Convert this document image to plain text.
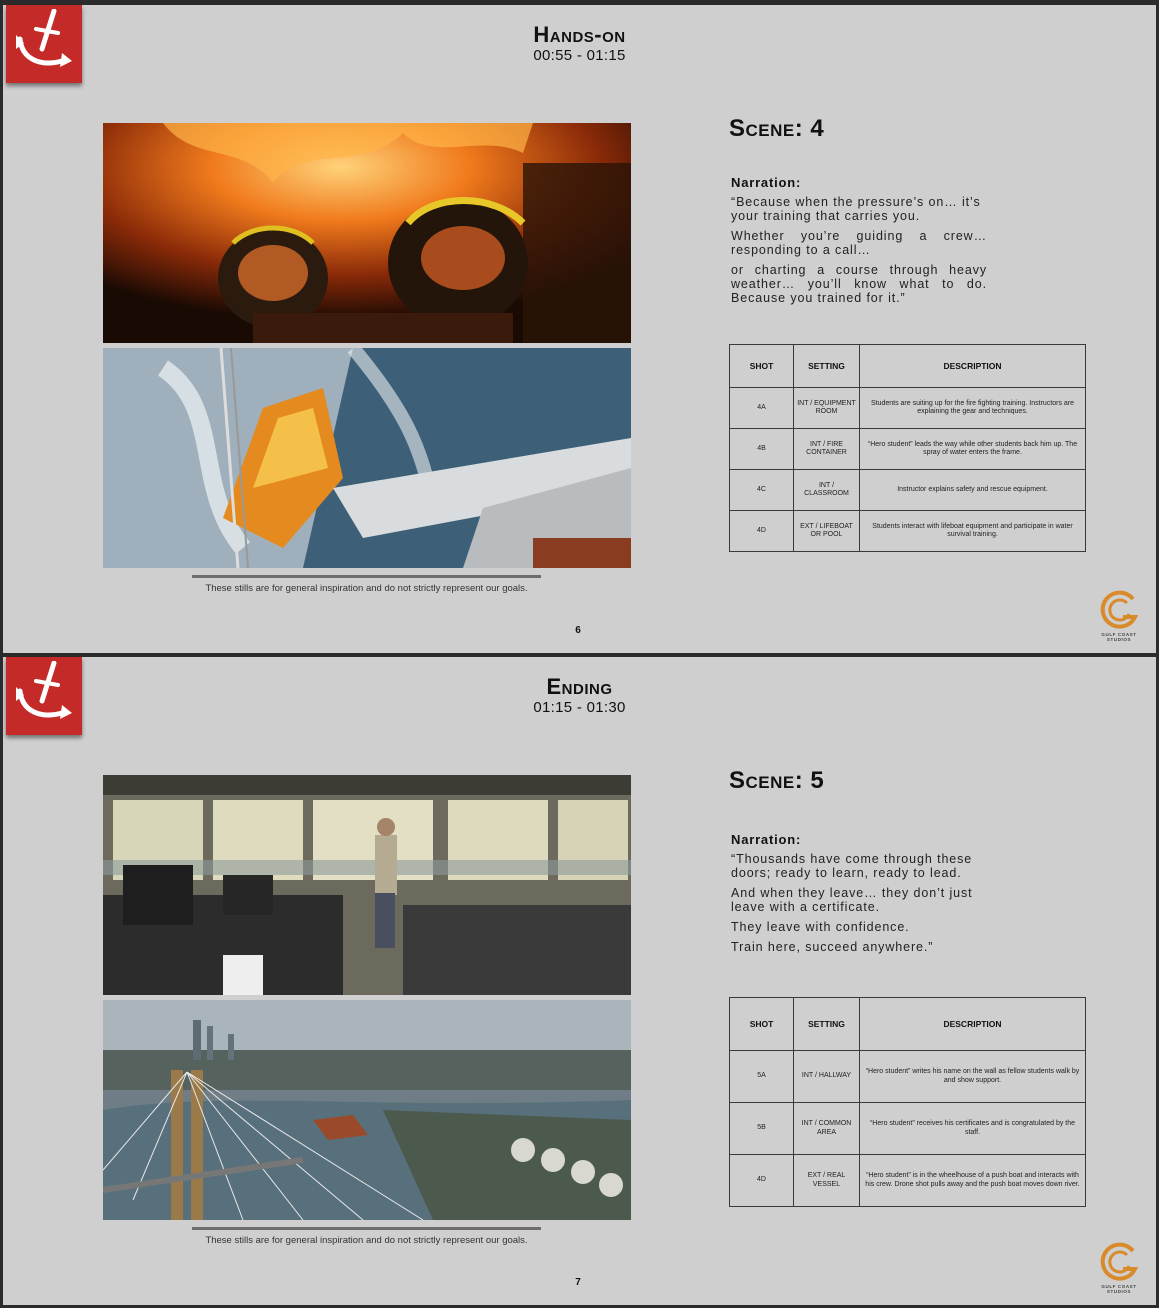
Hands-on
00:55 - 01:15
These stills are for general inspiration and do not strictly represent our goals.
6
Scene: 4
Narration:

“Because when the pressure’s on… it’s your training that carries you.

Whether you’re guiding a crew… responding to a call…

or charting a course through heavy weather… you’ll know what to do. Because you trained for it.”

SHOT	SETTING	DESCRIPTION
4A	INT / EQUIPMENT ROOM	Students are suiting up for the fire fighting training. Instructors are explaining the gear and techniques.
4B	INT / FIRE CONTAINER	“Hero student” leads the way while other students back him up. The spray of water enters the frame.
4C	INT / CLASSROOM	Instructor explains safety and rescue equipment.
4D	EXT / LIFEBOAT OR POOL	Students interact with lifeboat equipment and participate in water survival training.
GULF COAST
STUDIOS
Ending
01:15 - 01:30
These stills are for general inspiration and do not strictly represent our goals.
7
Scene: 5
Narration:

“Thousands have come through these doors; ready to learn, ready to lead.

And when they leave… they don’t just leave with a certificate.

They leave with confidence.

Train here, succeed anywhere.”

SHOT	SETTING	DESCRIPTION
5A	INT / HALLWAY	“Hero student” writes his name on the wall as fellow students walk by and show support.
5B	INT / COMMON AREA	“Hero student” receives his certificates and is congratulated by the staff.
4D	EXT / REAL VESSEL	“Hero student” is in the wheelhouse of a push boat and interacts with his crew. Drone shot pulls away and the push boat moves down river.
GULF COAST
STUDIOS
